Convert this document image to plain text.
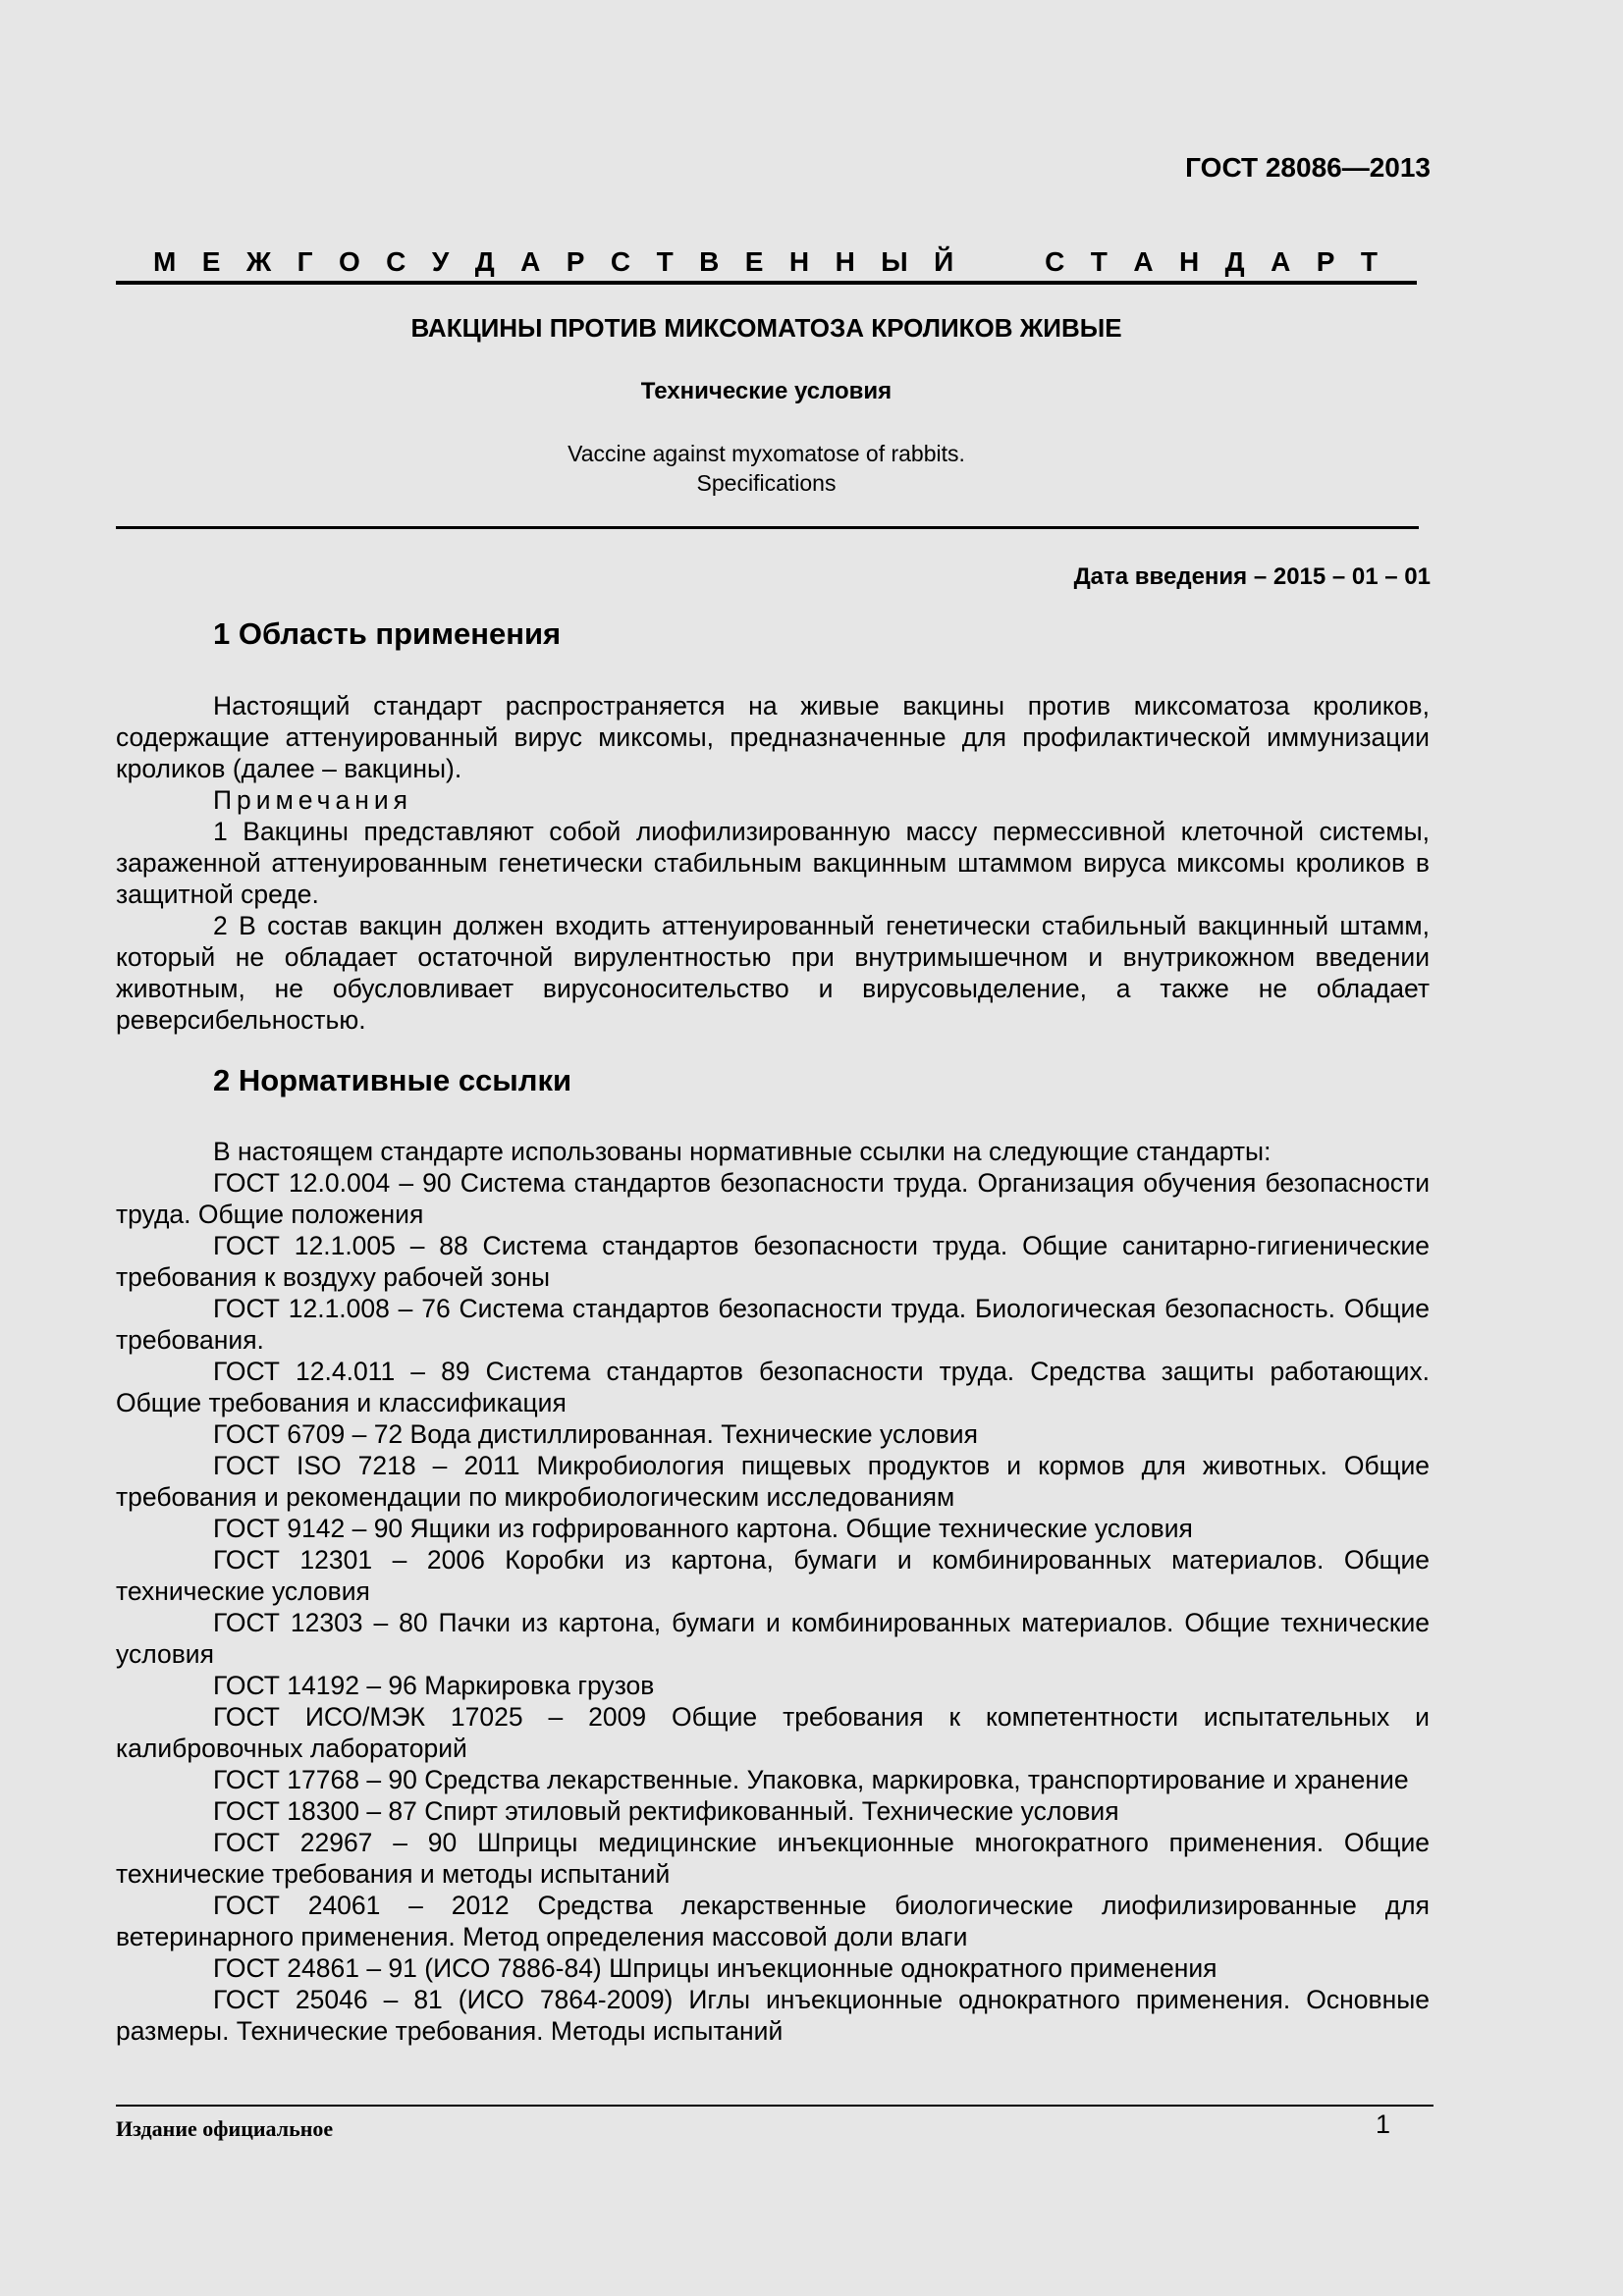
ГОСТ 28086—2013
М Е Ж Г О С У Д А Р С Т В Е Н Н Ы Й	С Т А Н Д А Р Т
ВАКЦИНЫ ПРОТИВ МИКСОМАТОЗА КРОЛИКОВ ЖИВЫЕ
Технические условия
Vaccine against myxomatose of rabbits.
Specifications
Дата введения – 2015 – 01 – 01
1 Область применения

Настоящий стандарт распространяется на живые вакцины против миксоматоза кроликов, содержащие аттенуированный вирус миксомы, предназначенные для профилактической иммунизации кроликов (далее – вакцины).

Примечания

1 Вакцины представляют собой лиофилизированную массу пермессивной клеточной системы, зараженной аттенуированным генетически стабильным вакцинным штаммом вируса миксомы кроликов в защитной среде.

2 В состав вакцин должен входить аттенуированный генетически стабильный вакцинный штамм, который не обладает остаточной вирулентностью при внутримышечном и внутрикожном введении животным, не обусловливает вирусоносительство и вирусовыделение, а также не обладает реверсибельностью.

2 Нормативные ссылки

В настоящем стандарте использованы нормативные ссылки на следующие стандарты:

ГОСТ 12.0.004 – 90 Система стандартов безопасности труда. Организация обучения безопасности труда. Общие положения

ГОСТ 12.1.005 – 88 Система стандартов безопасности труда. Общие санитарно-гигиенические требования к воздуху рабочей зоны

ГОСТ 12.1.008 – 76 Система стандартов безопасности труда. Биологическая безопасность. Общие требования.

ГОСТ 12.4.011 – 89 Система стандартов безопасности труда. Средства защиты работающих. Общие требования и классификация

ГОСТ 6709 – 72 Вода дистиллированная. Технические условия

ГОСТ ISO 7218 – 2011 Микробиология пищевых продуктов и кормов для животных. Общие требования и рекомендации по микробиологическим исследованиям

ГОСТ 9142 – 90 Ящики из гофрированного картона. Общие технические условия

ГОСТ 12301 – 2006 Коробки из картона, бумаги и комбинированных материалов. Общие технические условия

ГОСТ 12303 – 80 Пачки из картона, бумаги и комбинированных материалов. Общие технические условия

ГОСТ 14192 – 96 Маркировка грузов

ГОСТ ИСО/МЭК 17025 – 2009 Общие требования к компетентности испытательных и калибровочных лабораторий

ГОСТ 17768 – 90 Средства лекарственные. Упаковка, маркировка, транспортирование и хранение

ГОСТ 18300 – 87 Спирт этиловый ректификованный. Технические условия

ГОСТ 22967 – 90 Шприцы медицинские инъекционные многократного применения. Общие технические требования и методы испытаний

ГОСТ 24061 – 2012 Средства лекарственные биологические лиофилизированные для ветеринарного применения. Метод определения массовой доли влаги

ГОСТ 24861 – 91 (ИСО 7886-84) Шприцы инъекционные однократного применения

ГОСТ 25046 – 81 (ИСО 7864-2009) Иглы инъекционные однократного применения. Основные размеры. Технические требования. Методы испытаний

Издание официальное	1
